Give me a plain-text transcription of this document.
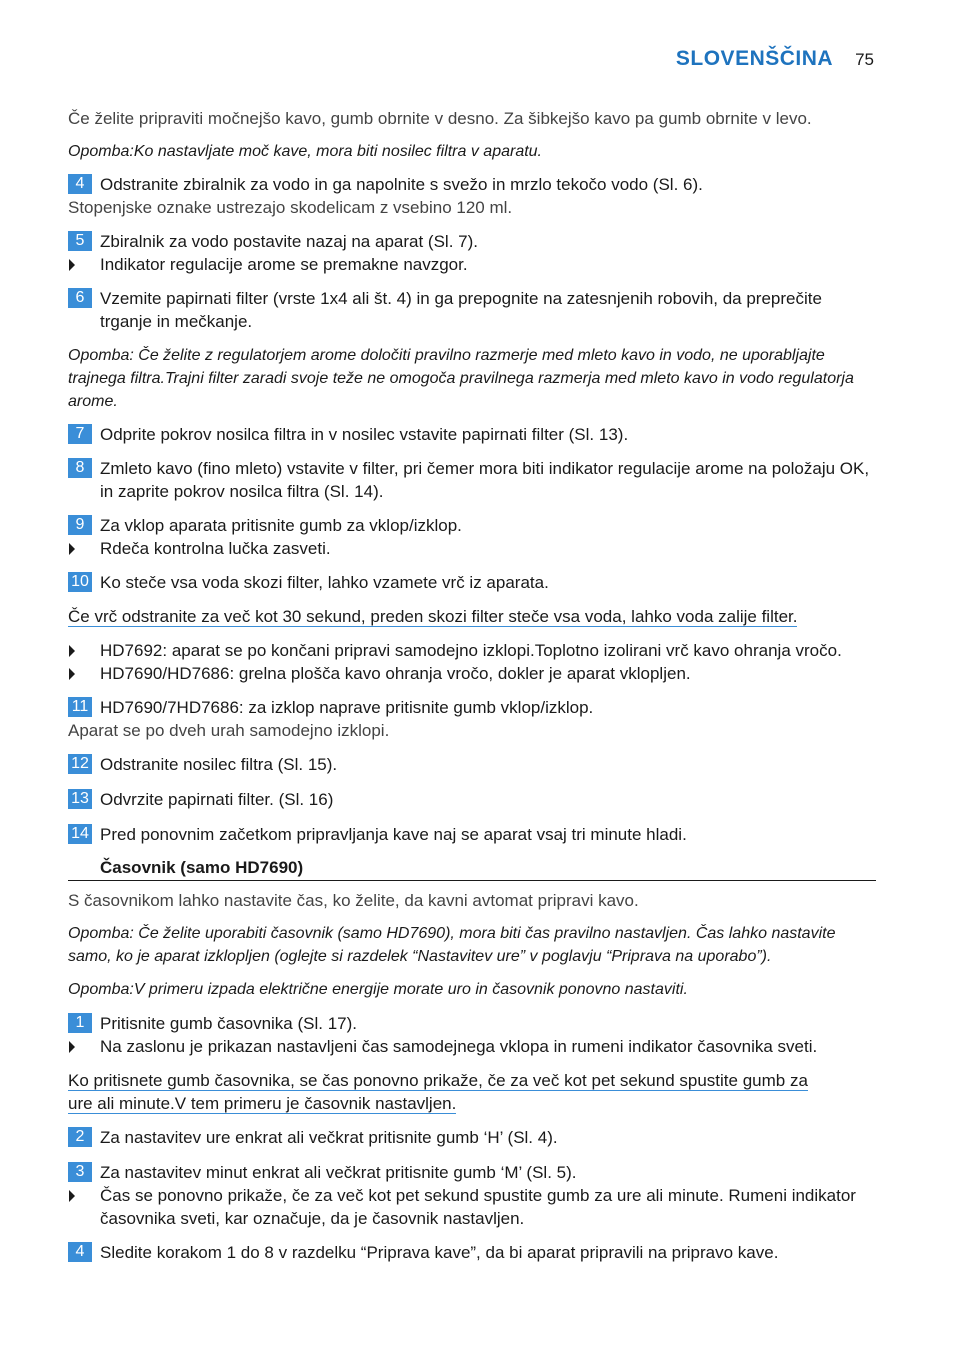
SLOVENŠČINA 75

Če želite pripraviti močnejšo kavo, gumb obrnite v desno. Za šibkejšo kavo pa gumb obrnite v levo.

Opomba:Ko nastavljate moč kave, mora biti nosilec filtra v aparatu.

4 Odstranite zbiralnik za vodo in ga napolnite s svežo in mrzlo tekočo vodo (Sl. 6).

Stopenjske oznake ustrezajo skodelicam z vsebino 120 ml.

5 Zbiralnik za vodo postavite nazaj na aparat (Sl. 7).
Indikator regulacije arome se premakne navzgor.
6 Vzemite papirnati filter (vrste 1x4 ali št. 4) in ga prepognite na zatesnjenih robovih, da preprečite trganje in mečkanje.

Opomba: Če želite z regulatorjem arome določiti pravilno razmerje med mleto kavo in vodo, ne uporabljajte trajnega filtra.Trajni filter zaradi svoje teže ne omogoča pravilnega razmerja med mleto kavo in vodo regulatorja arome.

7 Odprite pokrov nosilca filtra in v nosilec vstavite papirnati filter (Sl. 13).
8 Zmleto kavo (fino mleto) vstavite v filter, pri čemer mora biti indikator regulacije arome na položaju OK, in zaprite pokrov nosilca filtra (Sl. 14).
9 Za vklop aparata pritisnite gumb za vklop/izklop.
Rdeča kontrolna lučka zasveti.
10 Ko steče vsa voda skozi filter, lahko vzamete vrč iz aparata.

Če vrč odstranite za več kot 30 sekund, preden skozi filter steče vsa voda, lahko voda zalije filter.

HD7692: aparat se po končani pripravi samodejno izklopi.Toplotno izolirani vrč kavo ohranja vročo.
HD7690/HD7686: grelna plošča kavo ohranja vročo, dokler je aparat vklopljen.
11 HD7690/7HD7686: za izklop naprave pritisnite gumb vklop/izklop.

Aparat se po dveh urah samodejno izklopi.

12 Odstranite nosilec filtra (Sl. 15).
13 Odvrzite papirnati filter. (Sl. 16)
14 Pred ponovnim začetkom pripravljanja kave naj se aparat vsaj tri minute hladi.
Časovnik (samo HD7690)

S časovnikom lahko nastavite čas, ko želite, da kavni avtomat pripravi kavo.

Opomba: Če želite uporabiti časovnik (samo HD7690), mora biti čas pravilno nastavljen. Čas lahko nastavite samo, ko je aparat izklopljen (oglejte si razdelek “Nastavitev ure” v poglavju “Priprava na uporabo”).

Opomba:V primeru izpada električne energije morate uro in časovnik ponovno nastaviti.

1 Pritisnite gumb časovnika (Sl. 17).
Na zaslonu je prikazan nastavljeni čas samodejnega vklopa in rumeni indikator časovnika sveti.
Ko pritisnete gumb časovnika, se čas ponovno prikaže, če za več kot pet sekund spustite gumb za
ure ali minute.V tem primeru je časovnik nastavljen.
2 Za nastavitev ure enkrat ali večkrat pritisnite gumb ‘H’ (Sl. 4).
3 Za nastavitev minut enkrat ali večkrat pritisnite gumb ‘M’ (Sl. 5).
Čas se ponovno prikaže, če za več kot pet sekund spustite gumb za ure ali minute. Rumeni indikator časovnika sveti, kar označuje, da je časovnik nastavljen.
4 Sledite korakom 1 do 8 v razdelku “Priprava kave”, da bi aparat pripravili na pripravo kave.
